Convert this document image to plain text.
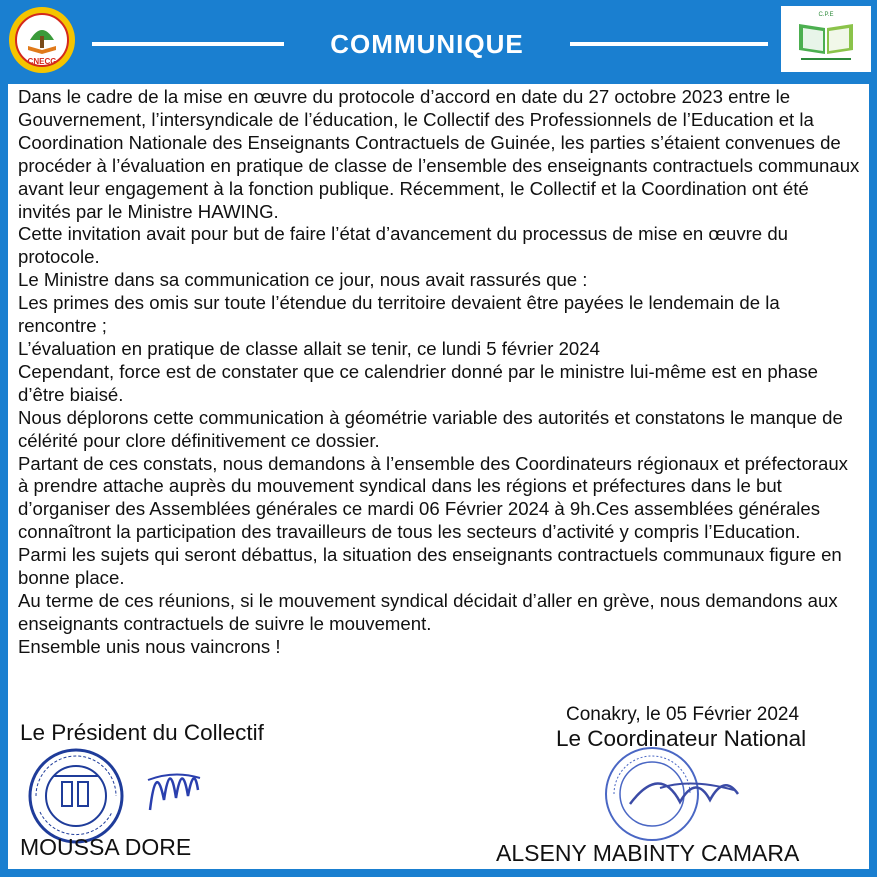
CNECG
COMMUNIQUE
C.P.E

Dans le cadre de la mise en œuvre du protocole d’accord en date du 27 octobre 2023 entre le Gouvernement, l’intersyndicale de l’éducation, le Collectif des Professionnels de l’Education et la Coordination Nationale des Enseignants Contractuels de Guinée, les parties s’étaient convenues de procéder à l’évaluation en pratique de classe de l’ensemble des enseignants contractuels communaux avant leur engagement à la fonction publique. Récemment, le Collectif et la Coordination ont été invités par le Ministre HAWING.

Cette invitation avait pour but de faire l’état d’avancement du processus de mise en œuvre du protocole.

Le Ministre dans sa communication ce jour, nous avait rassurés que :

Les primes des omis sur toute l’étendue du territoire devaient être payées le lendemain de la rencontre ;

L’évaluation en pratique de classe allait se tenir, ce lundi 5 février 2024

Cependant, force est de constater que ce calendrier donné par le ministre lui-même est en phase d’être biaisé.

Nous déplorons cette communication à géométrie variable des autorités et constatons le manque de célérité pour clore définitivement ce dossier.

Partant de ces constats, nous demandons à l’ensemble des Coordinateurs régionaux et préfectoraux à prendre attache auprès du mouvement syndical dans les régions et préfectures dans le but d’organiser des Assemblées générales ce mardi 06 Février 2024 à 9h.Ces assemblées générales connaîtront la participation des travailleurs de tous les secteurs d’activité y compris l’Education.

Parmi les sujets qui seront débattus, la situation des enseignants contractuels communaux figure en bonne place.

Au terme de ces réunions, si le mouvement syndical décidait d’aller en grève, nous demandons aux enseignants contractuels de suivre le mouvement.

Ensemble unis nous vaincrons !

Conakry, le 05 Février 2024
Le Président du Collectif	Le Coordinateur National
MOUSSA DORE	ALSENY MABINTY CAMARA
